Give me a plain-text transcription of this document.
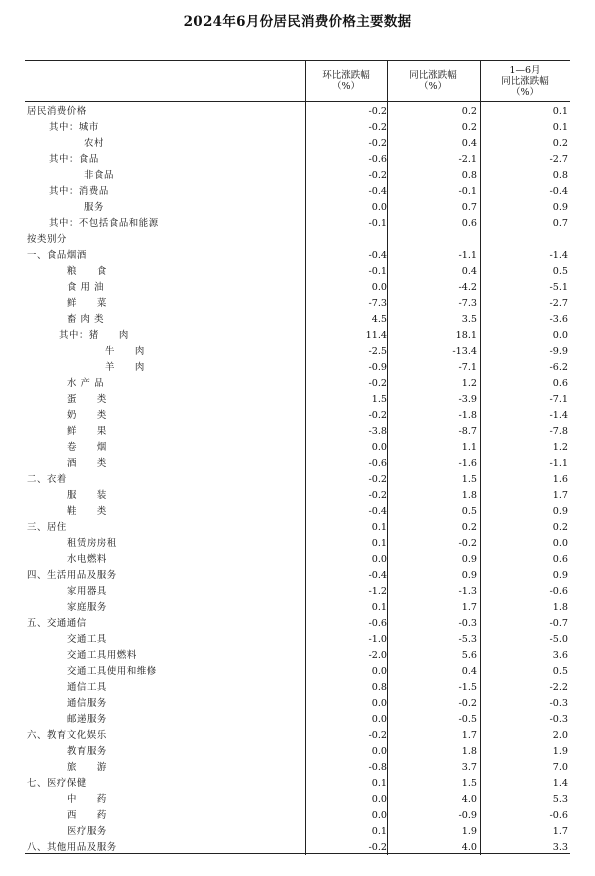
2024年6月份居民消费价格主要数据
环比涨跌幅
（%）
同比涨跌幅
（%）
1—6月
同比涨跌幅
（%）
居民消费价格	-0.2	0.2	0.1
其中：城市	-0.2	0.2	0.1
农村	-0.2	0.4	0.2
其中：食品	-0.6	-2.1	-2.7
非食品	-0.2	0.8	0.8
其中：消费品	-0.4	-0.1	-0.4
服务	0.0	0.7	0.9
其中：不包括食品和能源	-0.1	0.6	0.7
按类别分
一、食品烟酒	-0.4	-1.1	-1.4
粮　　食	-0.1	0.4	0.5
食 用 油	0.0	-4.2	-5.1
鲜　　菜	-7.3	-7.3	-2.7
畜 肉 类	4.5	3.5	-3.6
其中：猪　　肉	11.4	18.1	0.0
牛　　肉	-2.5	-13.4	-9.9
羊　　肉	-0.9	-7.1	-6.2
水 产 品	-0.2	1.2	0.6
蛋　　类	1.5	-3.9	-7.1
奶　　类	-0.2	-1.8	-1.4
鲜　　果	-3.8	-8.7	-7.8
卷　　烟	0.0	1.1	1.2
酒　　类	-0.6	-1.6	-1.1
二、衣着	-0.2	1.5	1.6
服　　装	-0.2	1.8	1.7
鞋　　类	-0.4	0.5	0.9
三、居住	0.1	0.2	0.2
租赁房房租	0.1	-0.2	0.0
水电燃料	0.0	0.9	0.6
四、生活用品及服务	-0.4	0.9	0.9
家用器具	-1.2	-1.3	-0.6
家庭服务	0.1	1.7	1.8
五、交通通信	-0.6	-0.3	-0.7
交通工具	-1.0	-5.3	-5.0
交通工具用燃料	-2.0	5.6	3.6
交通工具使用和维修	0.0	0.4	0.5
通信工具	0.8	-1.5	-2.2
通信服务	0.0	-0.2	-0.3
邮递服务	0.0	-0.5	-0.3
六、教育文化娱乐	-0.2	1.7	2.0
教育服务	0.0	1.8	1.9
旅　　游	-0.8	3.7	7.0
七、医疗保健	0.1	1.5	1.4
中　　药	0.0	4.0	5.3
西　　药	0.0	-0.9	-0.6
医疗服务	0.1	1.9	1.7
八、其他用品及服务	-0.2	4.0	3.3
